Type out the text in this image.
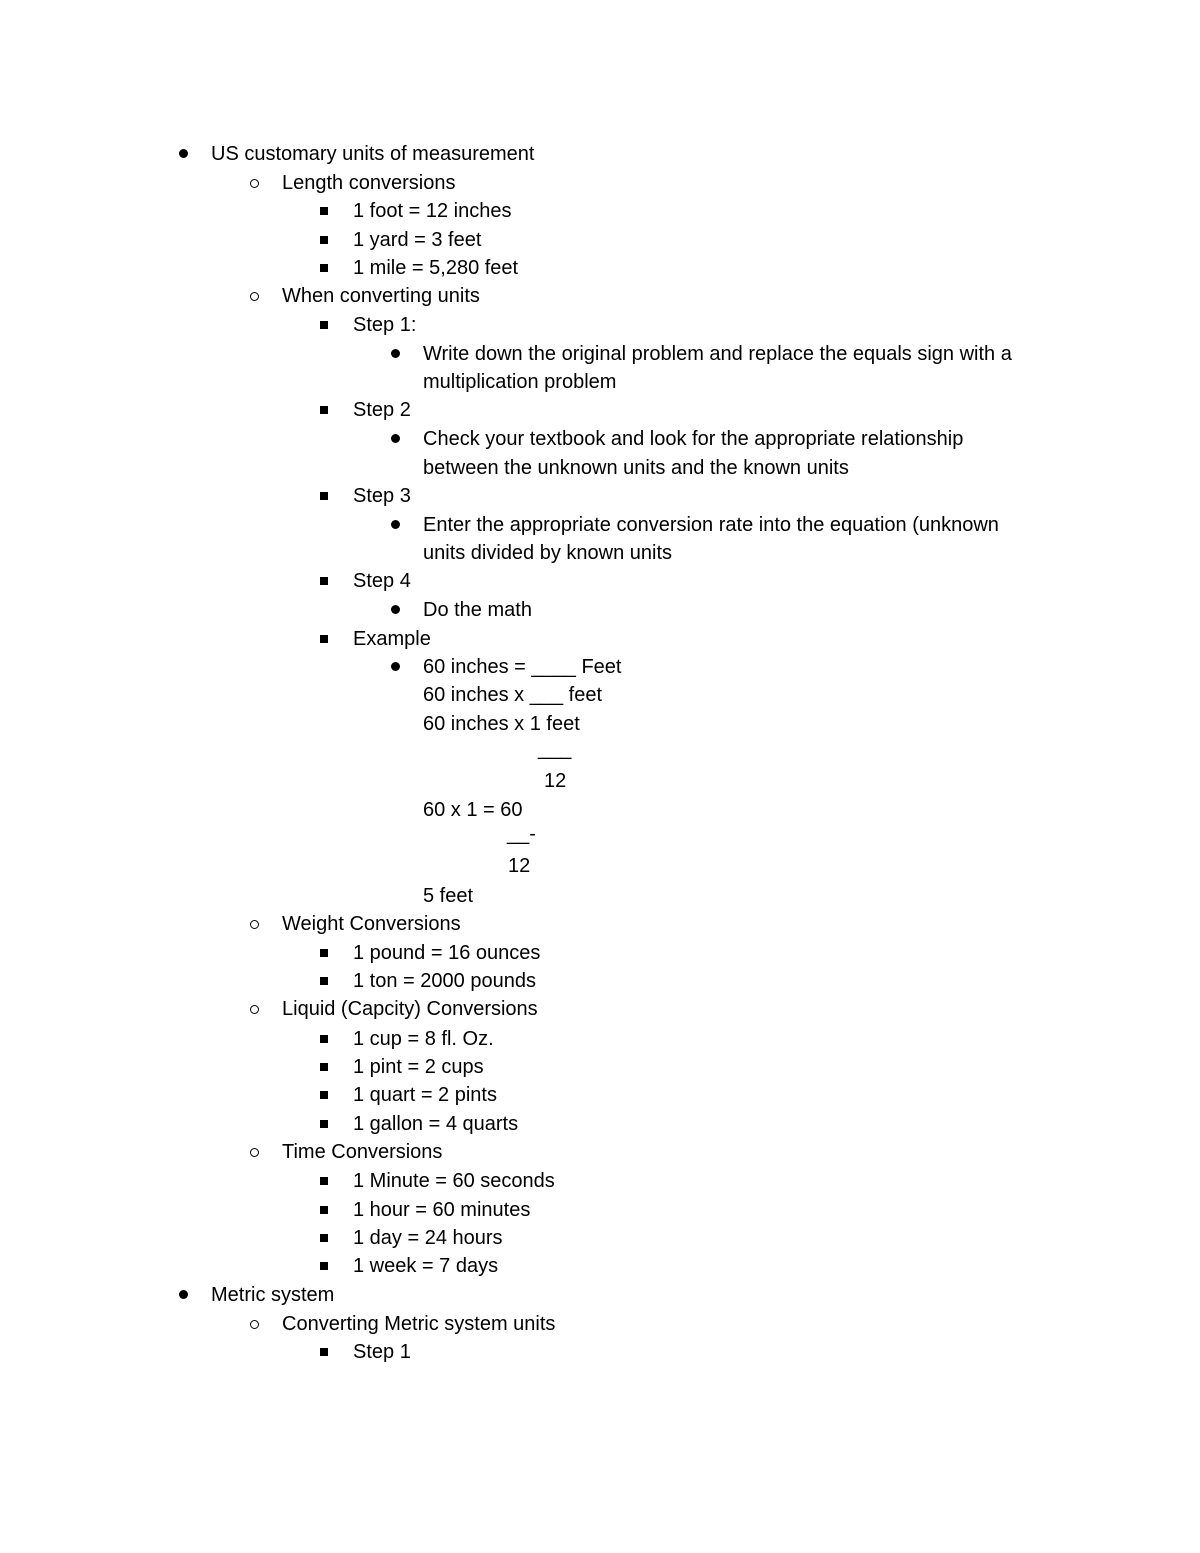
US customary units of measurement
Length conversions
1 foot = 12 inches
1 yard = 3 feet
1 mile = 5,280 feet
When converting units
Step 1:
Write down the original problem and replace the equals sign with a
multiplication problem
Step 2
Check your textbook and look for the appropriate relationship
between the unknown units and the known units
Step 3
Enter the appropriate conversion rate into the equation (unknown
units divided by known units
Step 4
Do the math
Example
60 inches = ____ Feet
60 inches x ___ feet
60 inches x 1 feet
___
12
60 x 1 = 60
__-
12
5 feet
Weight Conversions
1 pound = 16 ounces
1 ton = 2000 pounds
Liquid (Capcity) Conversions
1 cup = 8 fl. Oz.
1 pint = 2 cups
1 quart = 2 pints
1 gallon = 4 quarts
Time Conversions
1 Minute = 60 seconds
1 hour = 60 minutes
1 day = 24 hours
1 week = 7 days
Metric system
Converting Metric system units
Step 1
